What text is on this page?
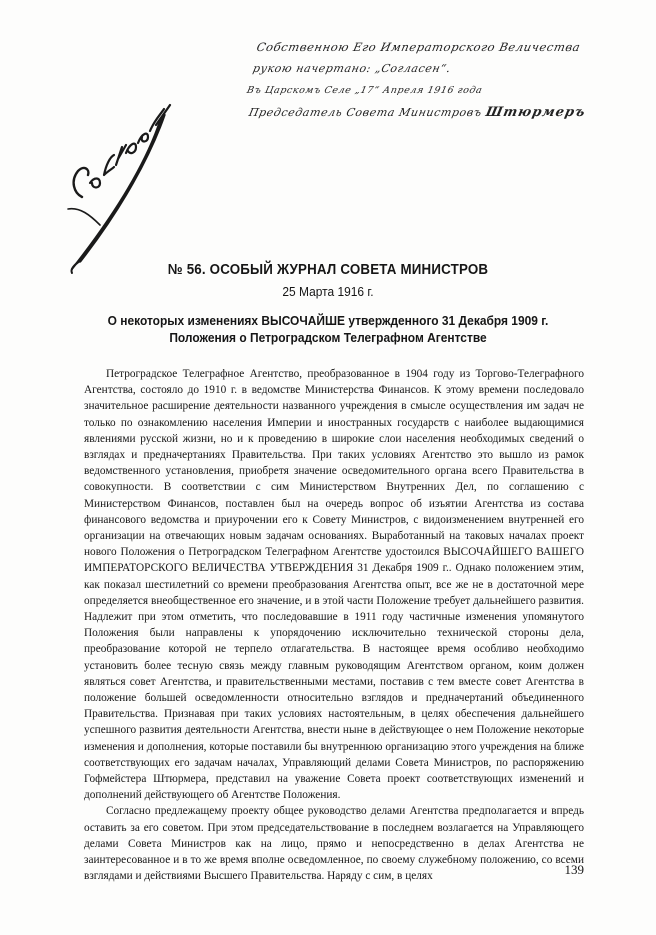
Согласен
Собственною Его Императорского Величества
рукою начертано: „Согласен“.
Въ Царскомъ Селе „17“ Апреля 1916 года
Председатель Совета Министровъ Штюрмеръ
№ 56. ОСОБЫЙ ЖУРНАЛ СОВЕТА МИНИСТРОВ
25 Марта 1916 г.
О некоторых изменениях ВЫСОЧАЙШЕ утвержденного 31 Декабря 1909 г.
Положения о Петроградском Телеграфном Агентстве

Петроградское Телеграфное Агентство, преобразованное в 1904 году из Торгово-Телеграфного Агентства, состояло до 1910 г. в ведомстве Министерства Финансов. К этому времени последовало значительное расширение деятельности названного учреждения в смысле осуществления им задач не только по ознакомлению населения Империи и иностранных государств с наиболее выдающимися явлениями русской жизни, но и к проведению в широкие слои населения необходимых сведений о взглядах и предначертаниях Правительства. При таких условиях Агентство это вышло из рамок ведомственного установления, приобретя значение осведомительного органа всего Правительства в совокупности. В соответствии с сим Министерством Внутренних Дел, по соглашению с Министерством Финансов, поставлен был на очередь вопрос об изъятии Агентства из состава финансового ведомства и приурочении его к Совету Министров, с видоизменением внутренней его организации на отвечающих новым задачам основаниях. Выработанный на таковых началах проект нового Положения о Петроградском Телеграфном Агентстве удостоился ВЫСОЧАЙШЕГО ВАШЕГО ИМПЕРАТОРСКОГО ВЕЛИЧЕСТВА УТВЕРЖДЕНИЯ 31 Декабря 1909 г.. Однако положением этим, как показал шестилетний со времени преобразования Агентства опыт, все же не в достаточной мере определяется внеобщественное его значение, и в этой части Положение требует дальнейшего развития. Надлежит при этом отметить, что последовавшие в 1911 году частичные изменения упомянутого Положения были направлены к упорядочению исключительно технической стороны дела, преобразование которой не терпело отлагательства. В настоящее время особливо необходимо установить более тесную связь между главным руководящим Агентством органом, коим должен являться совет Агентства, и правительственными местами, поставив с тем вместе совет Агентства в положение большей осведомленности относительно взглядов и предначертаний объединенного Правительства. Признавая при таких условиях настоятельным, в целях обеспечения дальнейшего успешного развития деятельности Агентства, внести ныне в действующее о нем Положение некоторые изменения и дополнения, которые поставили бы внутреннюю организацию этого учреждения на ближе соответствующих его задачам началах, Управляющий делами Совета Министров, по распоряжению Гофмейстера Штюрмера, представил на уважение Совета проект соответствующих изменений и дополнений действующего об Агентстве Положения.

Согласно предлежащему проекту общее руководство делами Агентства предполагается и впредь оставить за его советом. При этом председательствование в последнем возлагается на Управляющего делами Совета Министров как на лицо, прямо и непосредственно в делах Агентства не заинтересованное и в то же время вполне осведомленное, по своему служебному положению, со всеми взглядами и действиями Высшего Правительства. Наряду с сим, в целях	139
